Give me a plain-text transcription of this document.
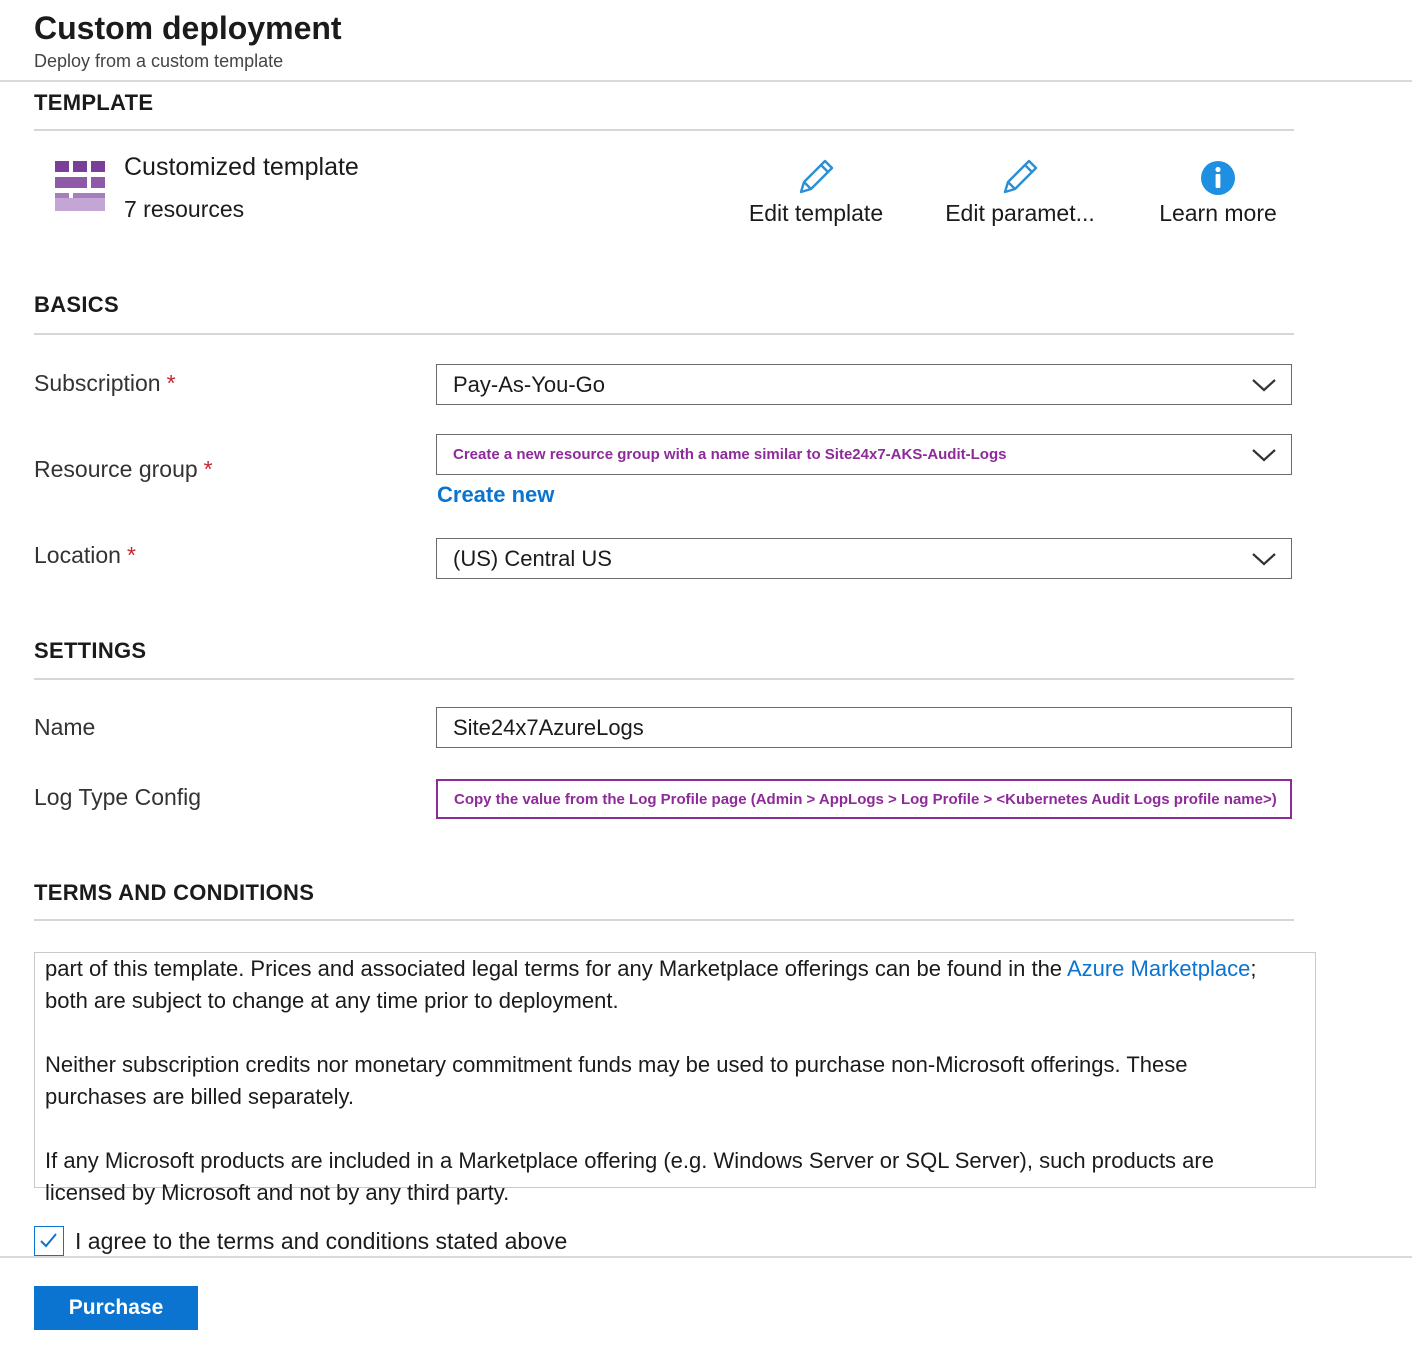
Custom deployment
Deploy from a custom template
TEMPLATE
Customized template
7 resources	Edit template	Edit paramet...	Learn more
BASICS
Subscription *	Pay-As-You-Go
Resource group *
Create a new resource group with a name similar to Site24x7-AKS-Audit-Logs
Create new
Location *	(US) Central US
SETTINGS
Name	Site24x7AzureLogs
Log Type Config	Copy the value from the Log Profile page (Admin > AppLogs > Log Profile > <Kubernetes Audit Logs profile name>)
TERMS AND CONDITIONS

part of this template. Prices and associated legal terms for any Marketplace offerings can be found in the Azure Marketplace; both are subject to change at any time prior to deployment.

Neither subscription credits nor monetary commitment funds may be used to purchase non-Microsoft offerings. These purchases are billed separately.

If any Microsoft products are included in a Marketplace offering (e.g. Windows Server or SQL Server), such products are licensed by Microsoft and not by any third party.

I agree to the terms and conditions stated above
Purchase
